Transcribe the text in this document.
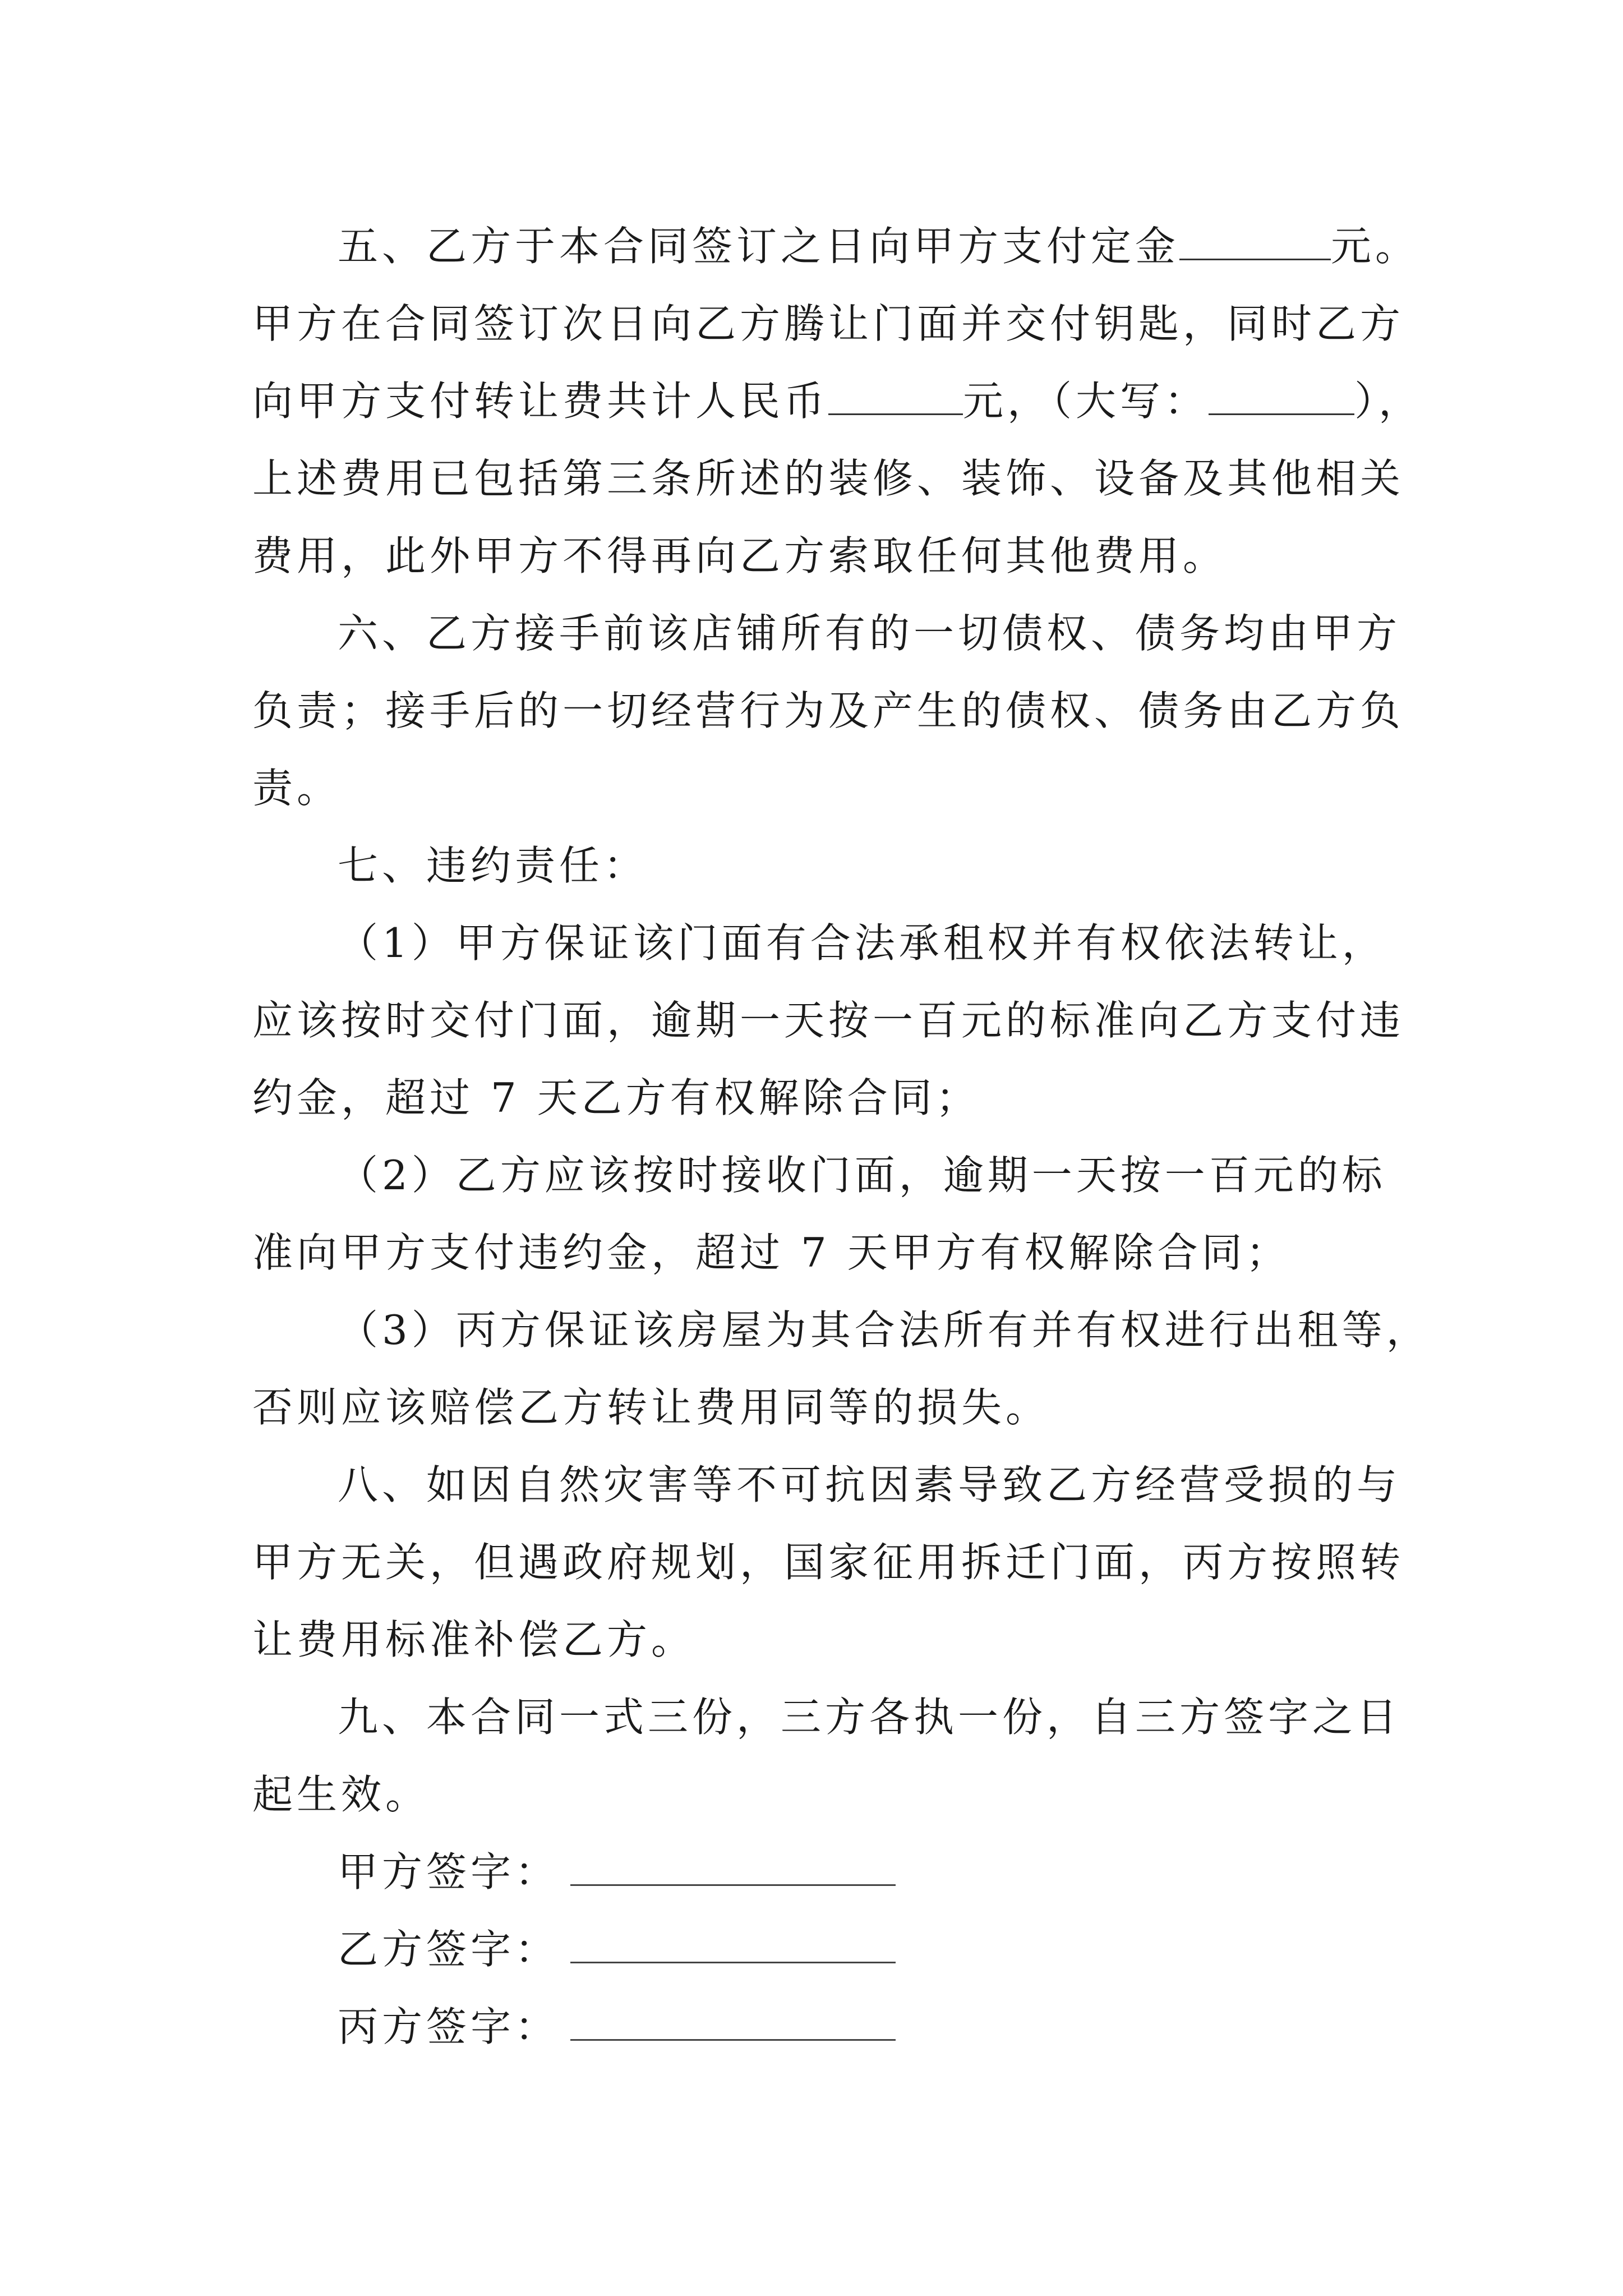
五、乙方于本合同签订之日向甲方支付定金	元。
甲方在合同签订次日向乙方腾让门面并交付钥匙，同时乙方
向甲方支付转让费共计人民币	元，（大写：	），
上述费用已包括第三条所述的装修、装饰、设备及其他相关
费用，此外甲方不得再向乙方索取任何其他费用。
六、乙方接手前该店铺所有的一切债权、债务均由甲方
负责；接手后的一切经营行为及产生的债权、债务由乙方负
责。
七、违约责任：
（1）甲方保证该门面有合法承租权并有权依法转让，
应该按时交付门面，逾期一天按一百元的标准向乙方支付违
约金，超过 7 天乙方有权解除合同；
（2）乙方应该按时接收门面，逾期一天按一百元的标
准向甲方支付违约金，超过 7 天甲方有权解除合同；
（3）丙方保证该房屋为其合法所有并有权进行出租等，
否则应该赔偿乙方转让费用同等的损失。
八、如因自然灾害等不可抗因素导致乙方经营受损的与
甲方无关，但遇政府规划，国家征用拆迁门面，丙方按照转
让费用标准补偿乙方。
九、本合同一式三份，三方各执一份，自三方签字之日
起生效。
甲方签字：
乙方签字：
丙方签字：
